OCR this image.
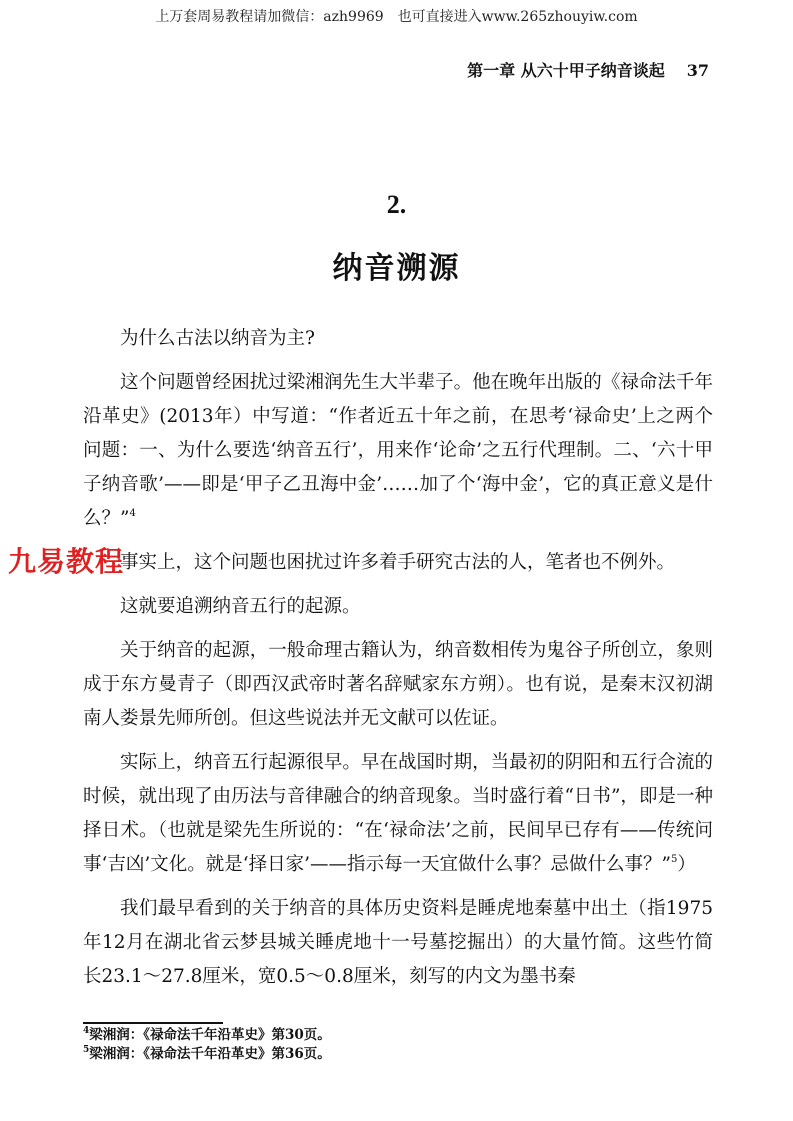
上万套周易教程请加微信：azh9969　也可直接进入www.265zhouyiw.com
第一章 从六十甲子纳音谈起 37
2.
纳音溯源

为什么古法以纳音为主?

这个问题曾经困扰过梁湘润先生大半辈子。他在晚年出版的《禄命法千年沿革史》(2013年）中写道：“作者近五十年之前，在思考‘禄命史’上之两个问题：一、为什么要选‘纳音五行’，用来作‘论命’之五行代理制。二、‘六十甲子纳音歌’——即是‘甲子乙丑海中金’……加了个‘海中金’，它的真正意义是什么？”$^4$

事实上，这个问题也困扰过许多着手研究古法的人，笔者也不例外。

这就要追溯纳音五行的起源。

关于纳音的起源，一般命理古籍认为，纳音数相传为鬼谷子所创立，象则成于东方曼青子（即西汉武帝时著名辞赋家东方朔）。也有说，是秦末汉初湖南人娄景先师所创。但这些说法并无文献可以佐证。

实际上，纳音五行起源很早。早在战国时期，当最初的阴阳和五行合流的时候，就出现了由历法与音律融合的纳音现象。当时盛行着“日书”，即是一种择日术。（也就是梁先生所说的：“在‘禄命法’之前，民间早已存有——传统问事‘吉凶’文化。就是‘择日家’——指示每一天宜做什么事？忌做什么事？”$^5$）

我们最早看到的关于纳音的具体历史资料是睡虎地秦墓中出土（指1975年12月在湖北省云梦县城关睡虎地十一号墓挖掘出）的大量竹简。这些竹简长23.1～27.8厘米，宽0.5～0.8厘米，刻写的内文为墨书秦

九易教程
$^4$梁湘润：《禄命法千年沿革史》第30页。
$^5$梁湘润：《禄命法千年沿革史》第36页。
